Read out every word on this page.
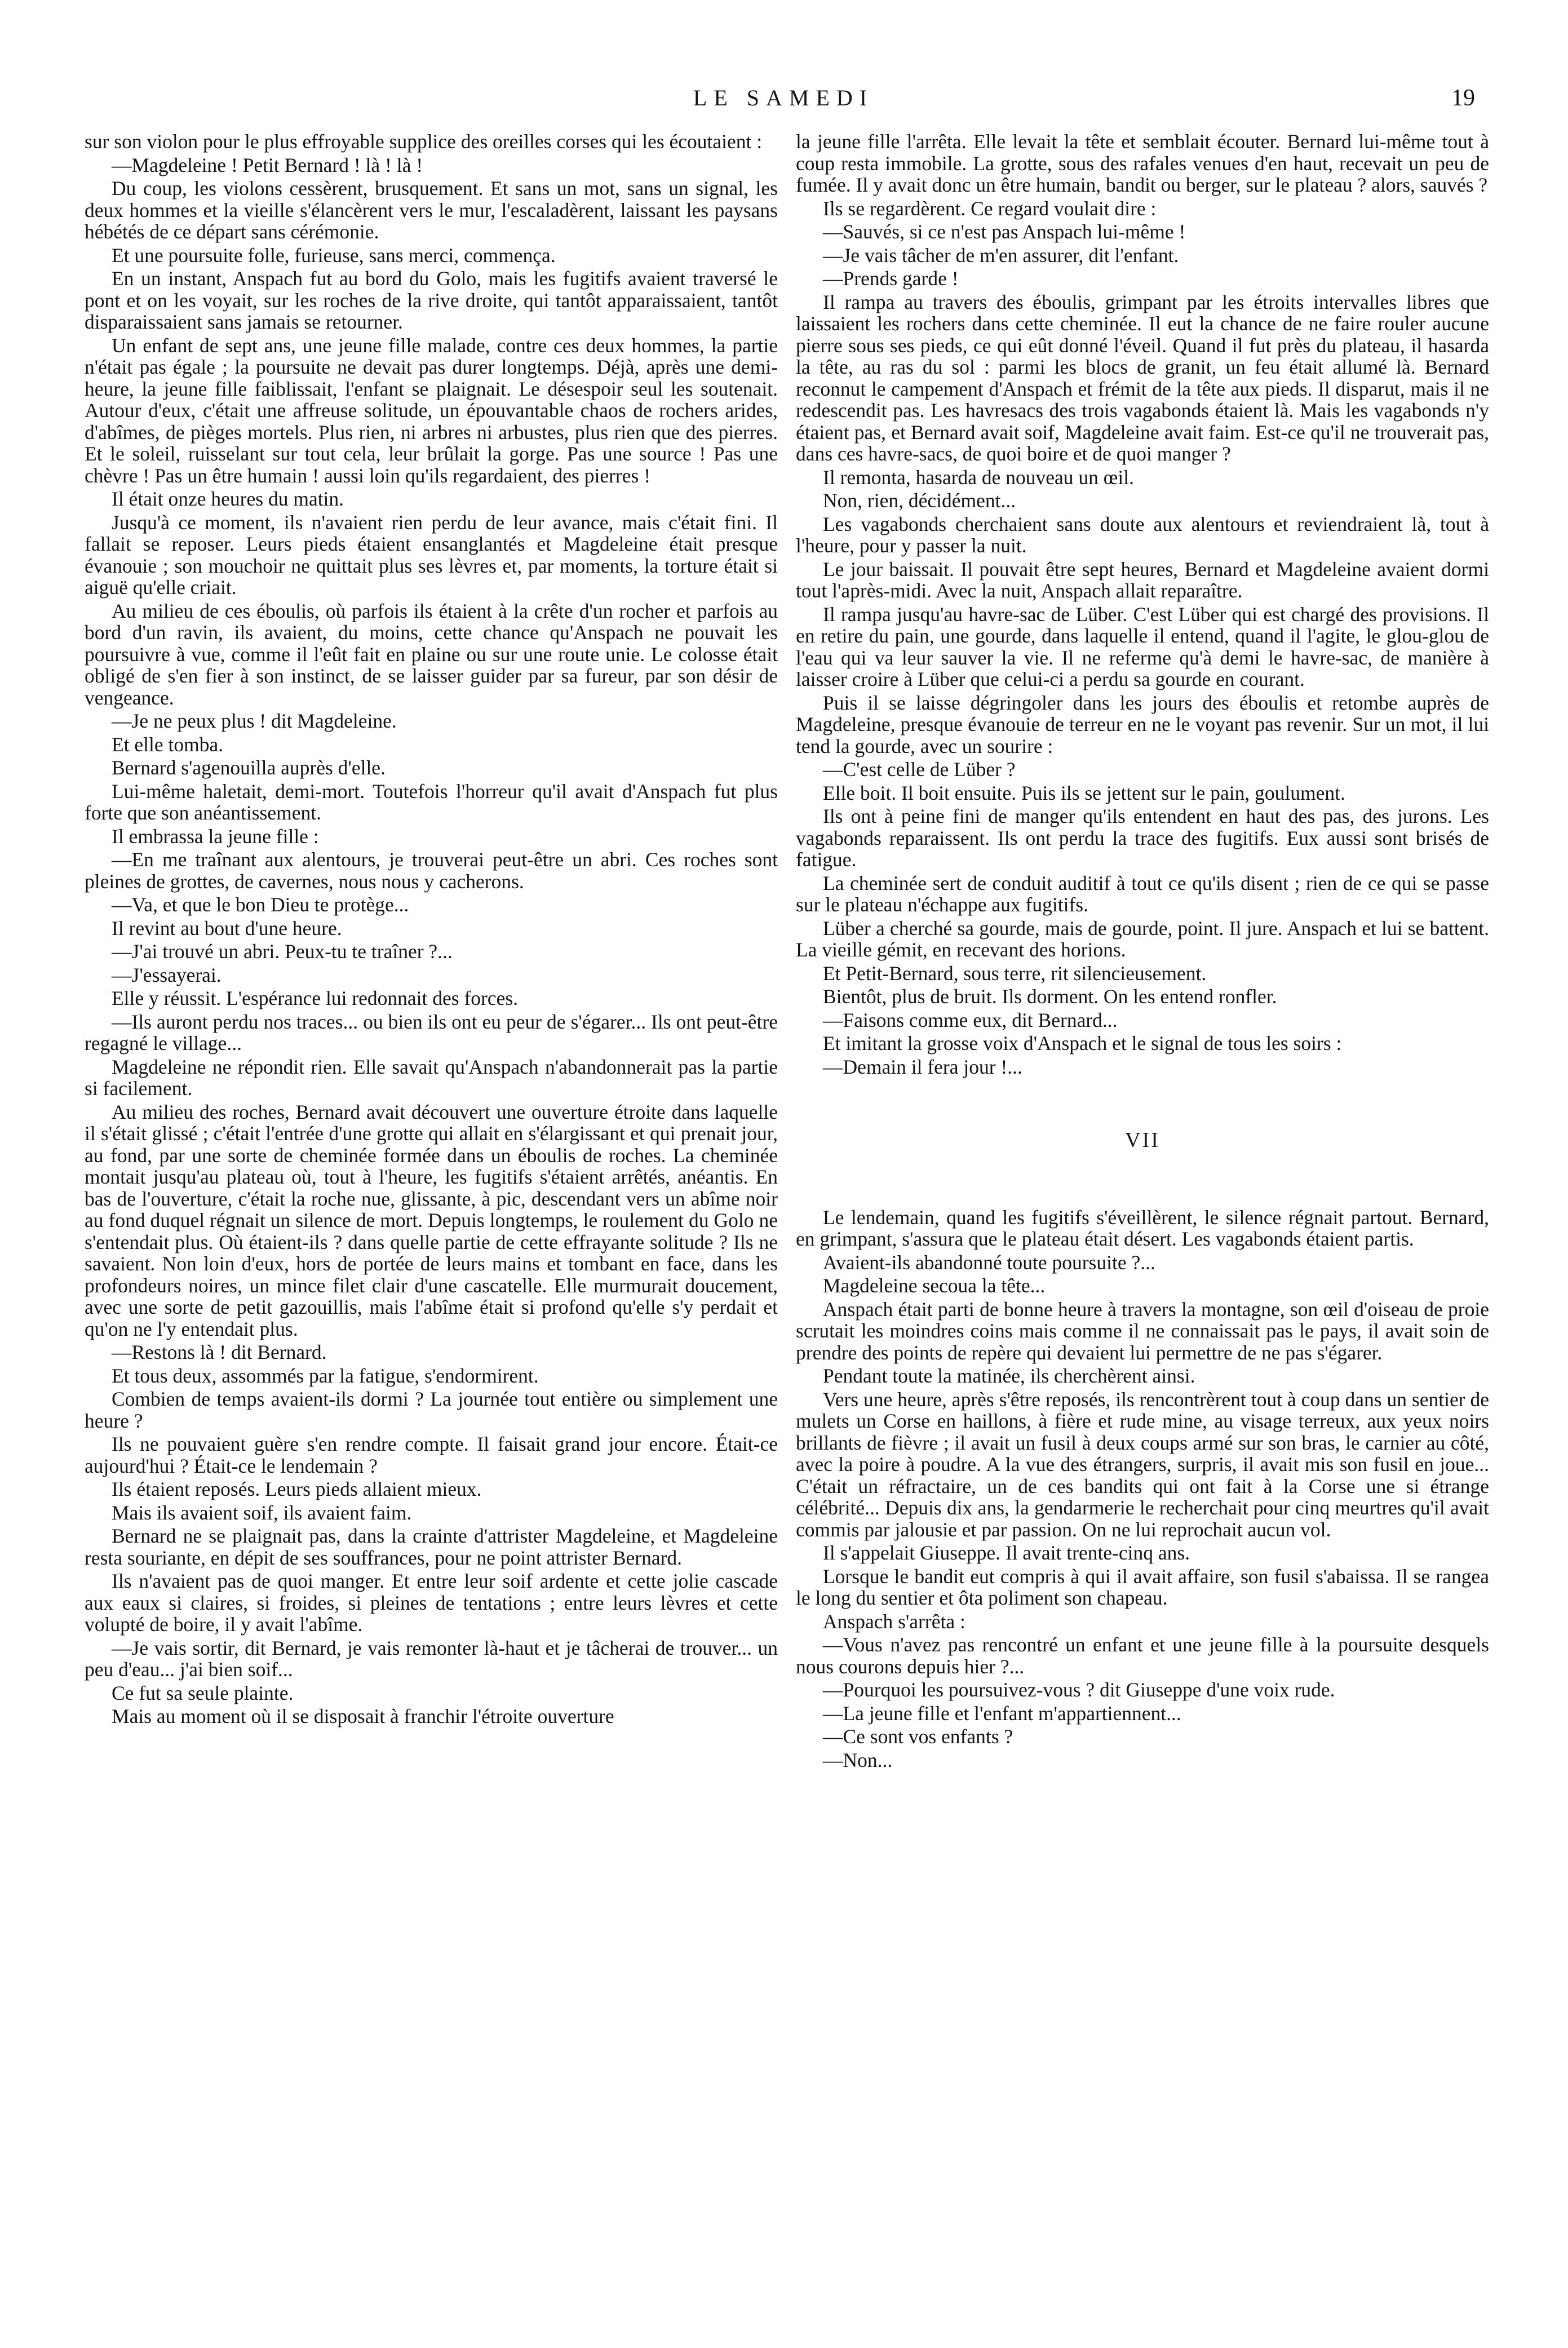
LE SAMEDI	19

sur son violon pour le plus effroyable supplice des oreilles corses qui les écoutaient :

—Magdeleine ! Petit Bernard ! là ! là !

Du coup, les violons cessèrent, brusquement. Et sans un mot, sans un signal, les deux hommes et la vieille s'élancèrent vers le mur, l'escaladèrent, laissant les paysans hébétés de ce départ sans cérémonie.

Et une poursuite folle, furieuse, sans merci, commença.

En un instant, Anspach fut au bord du Golo, mais les fugitifs avaient traversé le pont et on les voyait, sur les roches de la rive droite, qui tantôt apparaissaient, tantôt disparaissaient sans jamais se retourner.

Un enfant de sept ans, une jeune fille malade, contre ces deux hommes, la partie n'était pas égale ; la poursuite ne devait pas durer longtemps. Déjà, après une demi-heure, la jeune fille faiblissait, l'enfant se plaignait. Le désespoir seul les soutenait. Autour d'eux, c'était une affreuse solitude, un épouvantable chaos de rochers arides, d'abîmes, de pièges mortels. Plus rien, ni arbres ni arbustes, plus rien que des pierres. Et le soleil, ruisselant sur tout cela, leur brûlait la gorge. Pas une source ! Pas une chèvre ! Pas un être humain ! aussi loin qu'ils regardaient, des pierres !

Il était onze heures du matin.

Jusqu'à ce moment, ils n'avaient rien perdu de leur avance, mais c'était fini. Il fallait se reposer. Leurs pieds étaient ensanglantés et Magdeleine était presque évanouie ; son mouchoir ne quittait plus ses lèvres et, par moments, la torture était si aiguë qu'elle criait.

Au milieu de ces éboulis, où parfois ils étaient à la crête d'un rocher et parfois au bord d'un ravin, ils avaient, du moins, cette chance qu'Anspach ne pouvait les poursuivre à vue, comme il l'eût fait en plaine ou sur une route unie. Le colosse était obligé de s'en fier à son instinct, de se laisser guider par sa fureur, par son désir de vengeance.

—Je ne peux plus ! dit Magdeleine.

Et elle tomba.

Bernard s'agenouilla auprès d'elle.

Lui-même haletait, demi-mort. Toutefois l'horreur qu'il avait d'Anspach fut plus forte que son anéantissement.

Il embrassa la jeune fille :

—En me traînant aux alentours, je trouverai peut-être un abri. Ces roches sont pleines de grottes, de cavernes, nous nous y cacherons.

—Va, et que le bon Dieu te protège...

Il revint au bout d'une heure.

—J'ai trouvé un abri. Peux-tu te traîner ?...

—J'essayerai.

Elle y réussit. L'espérance lui redonnait des forces.

—Ils auront perdu nos traces... ou bien ils ont eu peur de s'égarer... Ils ont peut-être regagné le village...

Magdeleine ne répondit rien. Elle savait qu'Anspach n'abandonnerait pas la partie si facilement.

Au milieu des roches, Bernard avait découvert une ouverture étroite dans laquelle il s'était glissé ; c'était l'entrée d'une grotte qui allait en s'élargissant et qui prenait jour, au fond, par une sorte de cheminée formée dans un éboulis de roches. La cheminée montait jusqu'au plateau où, tout à l'heure, les fugitifs s'étaient arrêtés, anéantis. En bas de l'ouverture, c'était la roche nue, glissante, à pic, descendant vers un abîme noir au fond duquel régnait un silence de mort. Depuis longtemps, le roulement du Golo ne s'entendait plus. Où étaient-ils ? dans quelle partie de cette effrayante solitude ? Ils ne savaient. Non loin d'eux, hors de portée de leurs mains et tombant en face, dans les profondeurs noires, un mince filet clair d'une cascatelle. Elle murmurait doucement, avec une sorte de petit gazouillis, mais l'abîme était si profond qu'elle s'y perdait et qu'on ne l'y entendait plus.

—Restons là ! dit Bernard.

Et tous deux, assommés par la fatigue, s'endormirent.

Combien de temps avaient-ils dormi ? La journée tout entière ou simplement une heure ?

Ils ne pouvaient guère s'en rendre compte. Il faisait grand jour encore. Était-ce aujourd'hui ? Était-ce le lendemain ?

Ils étaient reposés. Leurs pieds allaient mieux.

Mais ils avaient soif, ils avaient faim.

Bernard ne se plaignait pas, dans la crainte d'attrister Magdeleine, et Magdeleine resta souriante, en dépit de ses souffrances, pour ne point attrister Bernard.

Ils n'avaient pas de quoi manger. Et entre leur soif ardente et cette jolie cascade aux eaux si claires, si froides, si pleines de tentations ; entre leurs lèvres et cette volupté de boire, il y avait l'abîme.

—Je vais sortir, dit Bernard, je vais remonter là-haut et je tâcherai de trouver... un peu d'eau... j'ai bien soif...

Ce fut sa seule plainte.

Mais au moment où il se disposait à franchir l'étroite ouverture

la jeune fille l'arrêta. Elle levait la tête et semblait écouter. Bernard lui-même tout à coup resta immobile. La grotte, sous des rafales venues d'en haut, recevait un peu de fumée. Il y avait donc un être humain, bandit ou berger, sur le plateau ? alors, sauvés ?

Ils se regardèrent. Ce regard voulait dire :

—Sauvés, si ce n'est pas Anspach lui-même !

—Je vais tâcher de m'en assurer, dit l'enfant.

—Prends garde !

Il rampa au travers des éboulis, grimpant par les étroits intervalles libres que laissaient les rochers dans cette cheminée. Il eut la chance de ne faire rouler aucune pierre sous ses pieds, ce qui eût donné l'éveil. Quand il fut près du plateau, il hasarda la tête, au ras du sol : parmi les blocs de granit, un feu était allumé là. Bernard reconnut le campement d'Anspach et frémit de la tête aux pieds. Il disparut, mais il ne redescendit pas. Les havresacs des trois vagabonds étaient là. Mais les vagabonds n'y étaient pas, et Bernard avait soif, Magdeleine avait faim. Est-ce qu'il ne trouverait pas, dans ces havre-sacs, de quoi boire et de quoi manger ?

Il remonta, hasarda de nouveau un œil.

Non, rien, décidément...

Les vagabonds cherchaient sans doute aux alentours et reviendraient là, tout à l'heure, pour y passer la nuit.

Le jour baissait. Il pouvait être sept heures, Bernard et Magdeleine avaient dormi tout l'après-midi. Avec la nuit, Anspach allait reparaître.

Il rampa jusqu'au havre-sac de Lüber. C'est Lüber qui est chargé des provisions. Il en retire du pain, une gourde, dans laquelle il entend, quand il l'agite, le glou-glou de l'eau qui va leur sauver la vie. Il ne referme qu'à demi le havre-sac, de manière à laisser croire à Lüber que celui-ci a perdu sa gourde en courant.

Puis il se laisse dégringoler dans les jours des éboulis et retombe auprès de Magdeleine, presque évanouie de terreur en ne le voyant pas revenir. Sur un mot, il lui tend la gourde, avec un sourire :

—C'est celle de Lüber ?

Elle boit. Il boit ensuite. Puis ils se jettent sur le pain, goulument.

Ils ont à peine fini de manger qu'ils entendent en haut des pas, des jurons. Les vagabonds reparaissent. Ils ont perdu la trace des fugitifs. Eux aussi sont brisés de fatigue.

La cheminée sert de conduit auditif à tout ce qu'ils disent ; rien de ce qui se passe sur le plateau n'échappe aux fugitifs.

Lüber a cherché sa gourde, mais de gourde, point. Il jure. Anspach et lui se battent. La vieille gémit, en recevant des horions.

Et Petit-Bernard, sous terre, rit silencieusement.

Bientôt, plus de bruit. Ils dorment. On les entend ronfler.

—Faisons comme eux, dit Bernard...

Et imitant la grosse voix d'Anspach et le signal de tous les soirs :

—Demain il fera jour !...

VII

Le lendemain, quand les fugitifs s'éveillèrent, le silence régnait partout. Bernard, en grimpant, s'assura que le plateau était désert. Les vagabonds étaient partis.

Avaient-ils abandonné toute poursuite ?...

Magdeleine secoua la tête...

Anspach était parti de bonne heure à travers la montagne, son œil d'oiseau de proie scrutait les moindres coins mais comme il ne connaissait pas le pays, il avait soin de prendre des points de repère qui devaient lui permettre de ne pas s'égarer.

Pendant toute la matinée, ils cherchèrent ainsi.

Vers une heure, après s'être reposés, ils rencontrèrent tout à coup dans un sentier de mulets un Corse en haillons, à fière et rude mine, au visage terreux, aux yeux noirs brillants de fièvre ; il avait un fusil à deux coups armé sur son bras, le carnier au côté, avec la poire à poudre. A la vue des étrangers, surpris, il avait mis son fusil en joue... C'était un réfractaire, un de ces bandits qui ont fait à la Corse une si étrange célébrité... Depuis dix ans, la gendarmerie le recherchait pour cinq meurtres qu'il avait commis par jalousie et par passion. On ne lui reprochait aucun vol.

Il s'appelait Giuseppe. Il avait trente-cinq ans.

Lorsque le bandit eut compris à qui il avait affaire, son fusil s'abaissa. Il se rangea le long du sentier et ôta poliment son chapeau.

Anspach s'arrêta :

—Vous n'avez pas rencontré un enfant et une jeune fille à la poursuite desquels nous courons depuis hier ?...

—Pourquoi les poursuivez-vous ? dit Giuseppe d'une voix rude.

—La jeune fille et l'enfant m'appartiennent...

—Ce sont vos enfants ?

—Non...
